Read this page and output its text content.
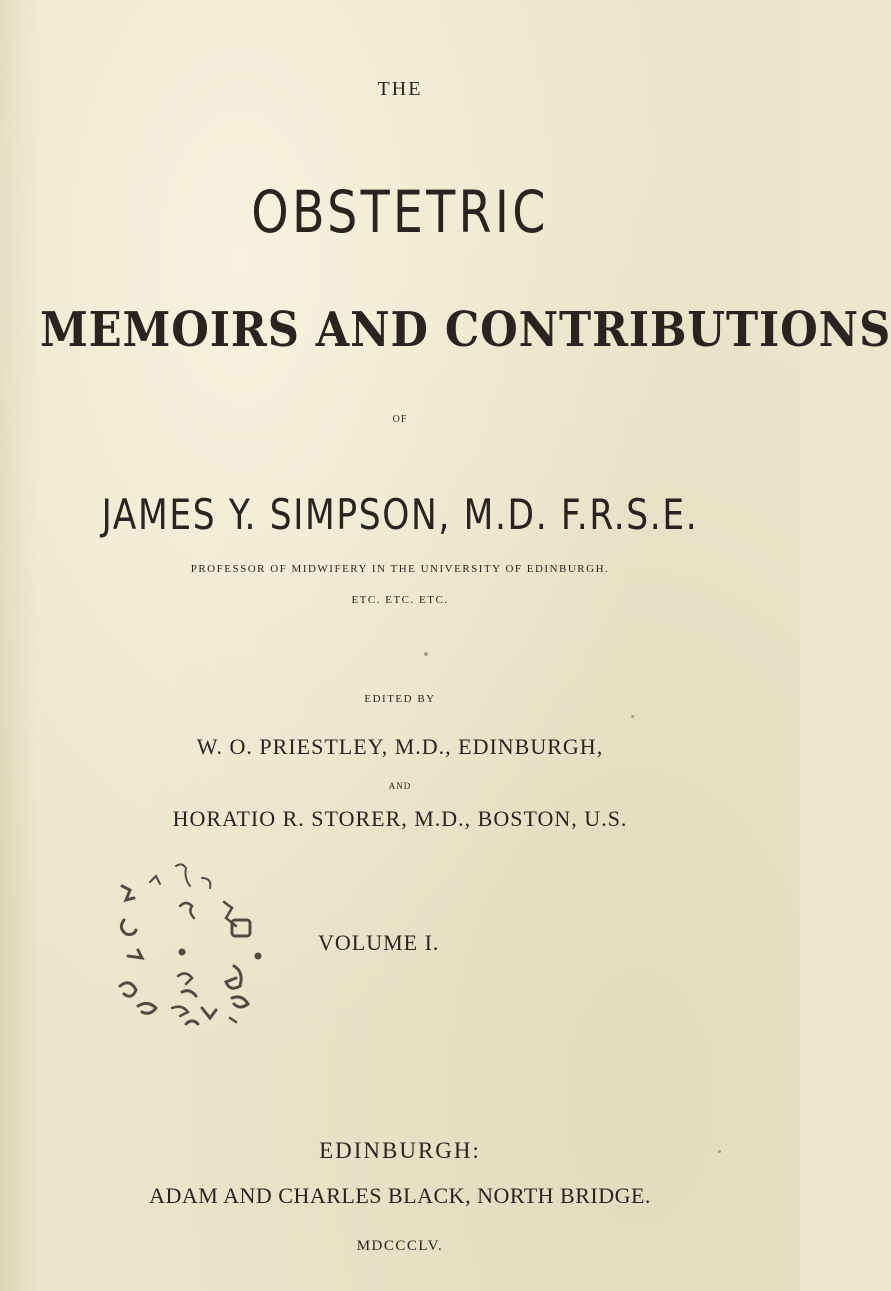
THE

OBSTETRIC

MEMOIRS AND CONTRIBUTIONS

OF

JAMES Y. SIMPSON, M.D. F.R.S.E.

PROFESSOR OF MIDWIFERY IN THE UNIVERSITY OF EDINBURGH.

ETC. ETC. ETC.

EDITED BY

W. O. PRIESTLEY, M.D., EDINBURGH,

AND

HORATIO R. STORER, M.D., BOSTON, U.S.

VOLUME I.

EDINBURGH:

ADAM AND CHARLES BLACK, NORTH BRIDGE.

MDCCCLV.
